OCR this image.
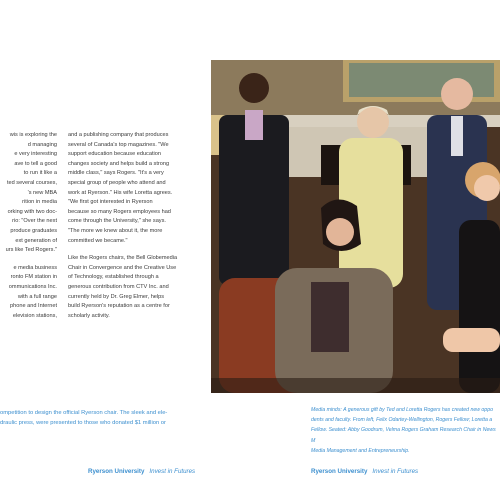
wis is exploring the
d managing
e very interesting
ave to tell a good
to run it like a
ted several courses,
's new MBA
rition in media
orking with two doc-
rio: "Over the next
produce graduates
ext generation of
urs like Ted Rogers."

e media business
ronto FM station in
ommunications Inc.
with a full range
phone and Internet
elevision stations,

and a publishing company that produces
several of Canada's top magazines. "We
support education because education
changes society and helps build a strong
middle class," says Rogers. "It's a very
special group of people who attend and
work at Ryerson." His wife Loretta agrees.
"We first got interested in Ryerson
because so many Rogers employees had
come through the University," she says.
"The more we knew about it, the more
committed we became."

Like the Rogers chairs, the Bell Globemedia
Chair in Convergence and the Creative Use
of Technology, established through a
generous contribution from CTV Inc. and
currently held by Dr. Greg Elmer, helps
build Ryerson's reputation as a centre for
scholarly activity.

ompetition to design the official Ryerson chair. The sleek and ele-
draulic press, were presented to those who donated $1 million or
Media minds: A generous gift by Ted and Loretta Rogers has created new oppo
dents and faculty. From left, Felix Odartey-Wellington, Rogers Fellow; Loretta a
Fellow. Seated: Abby Goodrum, Velma Rogers Graham Research Chair in News M
Media Management and Entrepreneurship.
Ryerson University Invest in Futures	Ryerson University Invest in Futures
